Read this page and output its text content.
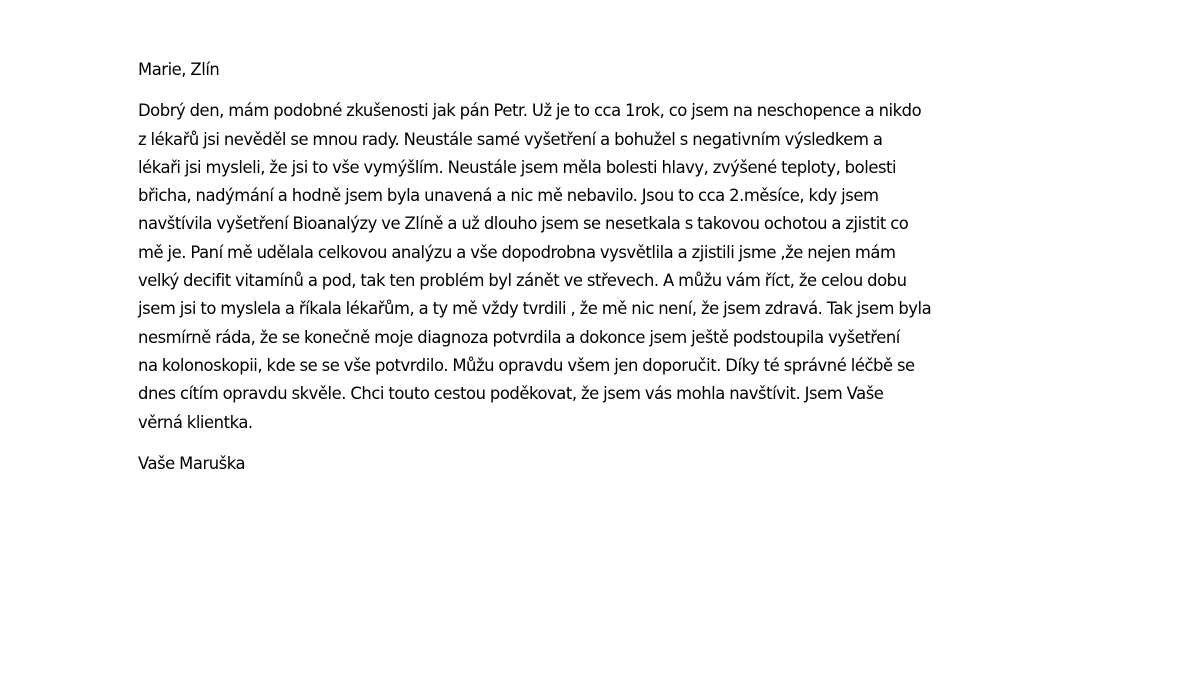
Marie, Zlín

Dobrý den, mám podobné zkušenosti jak pán Petr. Už je to cca 1rok, co jsem na neschopence a nikdo
z lékařů jsi nevěděl se mnou rady. Neustále samé vyšetření a bohužel s negativním výsledkem a
lékaři jsi mysleli, že jsi to vše vymýšlím. Neustále jsem měla bolesti hlavy, zvýšené teploty, bolesti
břicha, nadýmání a hodně jsem byla unavená a nic mě nebavilo. Jsou to cca 2.měsíce, kdy jsem
navštívila vyšetření Bioanalýzy ve Zlíně a už dlouho jsem se nesetkala s takovou ochotou a zjistit co
mě je. Paní mě udělala celkovou analýzu a vše dopodrobna vysvětlila a zjistili jsme ,že nejen mám
velký decifit vitamínů a pod, tak ten problém byl zánět ve střevech. A můžu vám říct, že celou dobu
jsem jsi to myslela a říkala lékařům, a ty mě vždy tvrdili , že mě nic není, že jsem zdravá. Tak jsem byla
nesmírně ráda, že se konečně moje diagnoza potvrdila a dokonce jsem ještě podstoupila vyšetření
na kolonoskopii, kde se se vše potvrdilo. Můžu opravdu všem jen doporučit. Díky té správné léčbě se
dnes cítím opravdu skvěle. Chci touto cestou poděkovat, že jsem vás mohla navštívit. Jsem Vaše
věrná klientka.

Vaše Maruška
